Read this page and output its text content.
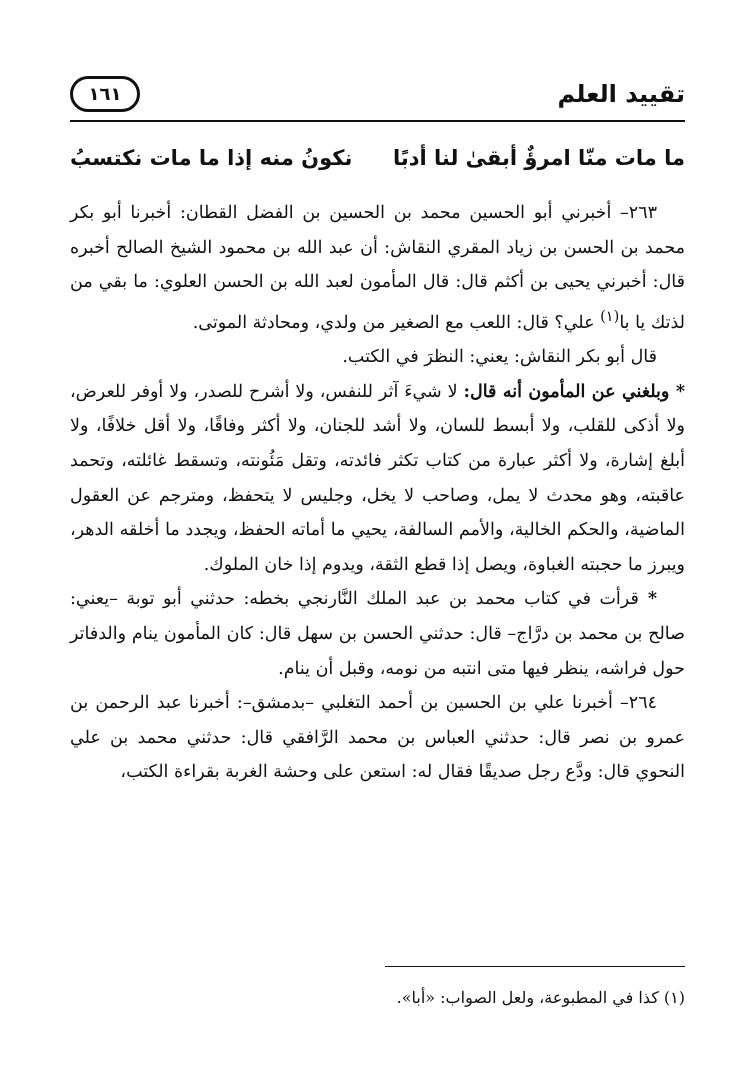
تقييد العلم
١٦١
ما مات منّا امرؤٌ أبقىٰ لنا أدبًا
نكونُ منه إذا ما مات نكتسبُ

٢٦٣– أخبرني أبو الحسين محمد بن الحسين بن الفضل القطان: أخبرنا أبو بكر محمد بن الحسن بن زياد المقري النقاش: أن عبد الله بن محمود الشيخ الصالح أخبره قال: أخبرني يحيى بن أكثم قال: قال المأمون لعبد الله بن الحسن العلوي: ما بقي من لذتك يا با$^{(١)}$ علي؟ قال: اللعب مع الصغير من ولدي، ومحادثة الموتى.

قال أبو بكر النقاش: يعني: النظرَ في الكتب.

* وبلغني عن المأمون أنه قال: لا شيءَ آثر للنفس، ولا أشرح للصدر، ولا أوفر للعرض، ولا أذكى للقلب، ولا أبسط للسان، ولا أشد للجنان، ولا أكثر وفاقًا، ولا أقل خلافًا، ولا أبلغ إشارة، ولا أكثر عبارة من كتاب تكثر فائدته، وتقل مَئُونته، وتسقط غائلته، وتحمد عاقبته، وهو محدث لا يمل، وصاحب لا يخل، وجليس لا يتحفظ، ومترجم عن العقول الماضية، والحكم الخالية، والأمم السالفة، يحيي ما أماته الحفظ، ويجدد ما أخلقه الدهر، ويبرز ما حجبته الغباوة، ويصل إذا قطع الثقة، ويدوم إذا خان الملوك.

* قرأت في كتاب محمد بن عبد الملك النَّارنجي بخطه: حدثني أبو توبة –يعني: صالح بن محمد بن درَّاج– قال: حدثني الحسن بن سهل قال: كان المأمون ينام والدفاتر حول فراشه، ينظر فيها متى انتبه من نومه، وقبل أن ينام.

٢٦٤– أخبرنا علي بن الحسين بن أحمد التغلبي –بدمشق–: أخبرنا عبد الرحمن بن عمرو بن نصر قال: حدثني العباس بن محمد الرَّافقي قال: حدثني محمد بن علي النحوي قال: ودَّع رجل صديقًا فقال له: استعن على وحشة الغربة بقراءة الكتب،

(١) كذا في المطبوعة، ولعل الصواب: «أبا».
